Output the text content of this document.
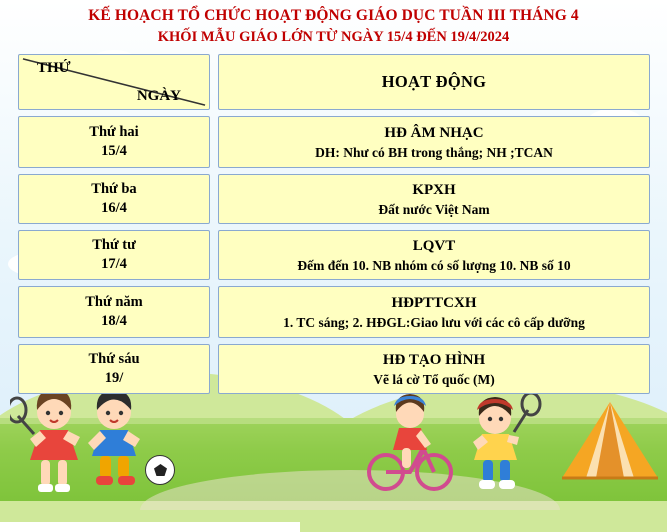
KẾ HOẠCH TỔ CHỨC HOẠT ĐỘNG GIÁO DỤC TUẦN III THÁNG 4
KHỐI MẪU GIÁO LỚN TỪ NGÀY 15/4 ĐẾN 19/4/2024
THỨ
NGÀY
HOẠT ĐỘNG
Thứ hai
15/4
HĐ ÂM NHẠC
DH: Như có BH trong thắng; NH ;TCAN
Thứ ba
16/4
KPXH
Đất nước Việt Nam
Thứ tư
17/4
LQVT
Đếm đến 10. NB nhóm có số lượng 10. NB số 10
Thứ năm
18/4
HĐPTTCXH
1. TC sáng; 2. HĐGL:Giao lưu với các cô cấp dưỡng
Thứ sáu
19/
HĐ TẠO HÌNH
Vẽ lá cờ Tổ quốc (M)
